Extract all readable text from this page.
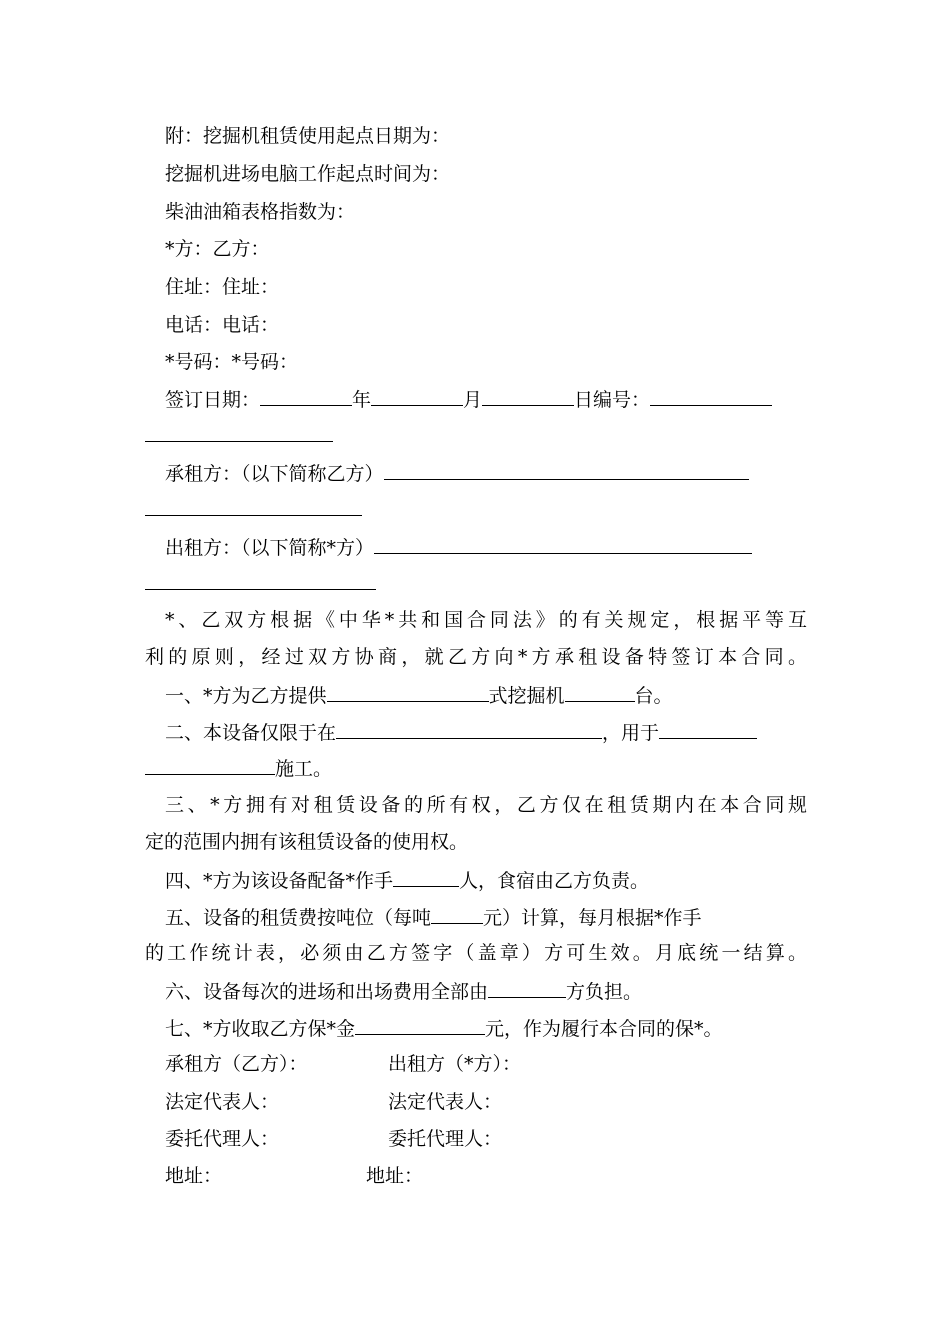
附：挖掘机租赁使用起点日期为：
挖掘机进场电脑工作起点时间为：
柴油油箱表格指数为：
*方：乙方：
住址：住址：
电话：电话：
*号码：*号码：
签订日期：	年	月	日编号：
承租方：（以下简称乙方）
出租方：（以下简称*方）
*、乙双方根据《中华*共和国合同法》的有关规定，根据平等互
利的原则，经过双方协商，就乙方向*方承租设备特签订本合同。
一、*方为乙方提供	式挖掘机	台。
二、本设备仅限于在	，用于
施工。
三、*方拥有对租赁设备的所有权，乙方仅在租赁期内在本合同规
定的范围内拥有该租赁设备的使用权。
四、*方为该设备配备*作手	人，食宿由乙方负责。
五、设备的租赁费按吨位（每吨	元）计算，每月根据*作手
的工作统计表，必须由乙方签字（盖章）方可生效。月底统一结算。
六、设备每次的进场和出场费用全部由	方负担。
七、*方收取乙方保*金	元，作为履行本合同的保*。
承租方（乙方）：	出租方（*方）：
法定代表人：	法定代表人：
委托代理人：	委托代理人：
地址：	地址：
